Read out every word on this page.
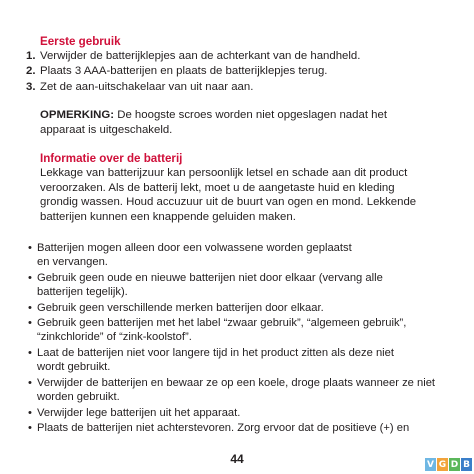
Eerste gebruik
1. Verwijder de batterijklepjes aan de achterkant van de handheld.
2. Plaats 3 AAA-batterijen en plaats de batterijklepjes terug.
3. Zet de aan-uitschakelaar van uit naar aan.
OPMERKING: De hoogste scroes worden niet opgeslagen nadat het
apparaat is uitgeschakeld.
Informatie over de batterij
Lekkage van batterijzuur kan persoonlijk letsel en schade aan dit product
veroorzaken. Als de batterij lekt, moet u de aangetaste huid en kleding
grondig wassen. Houd accuzuur uit de buurt van ogen en mond. Lekkende
batterijen kunnen een knappende geluiden maken.
• Batterijen mogen alleen door een volwassene worden geplaatst
en vervangen.
• Gebruik geen oude en nieuwe batterijen niet door elkaar (vervang alle
batterijen tegelijk).
• Gebruik geen verschillende merken batterijen door elkaar.
• Gebruik geen batterijen met het label “zwaar gebruik”, “algemeen gebruik”,
“zinkchloride” of “zink-koolstof”.
• Laat de batterijen niet voor langere tijd in het product zitten als deze niet
wordt gebruikt.
• Verwijder de batterijen en bewaar ze op een koele, droge plaats wanneer ze niet
worden gebruikt.
• Verwijder lege batterijen uit het apparaat.
• Plaats de batterijen niet achterstevoren. Zorg ervoor dat de positieve (+) en
44	V G D B
